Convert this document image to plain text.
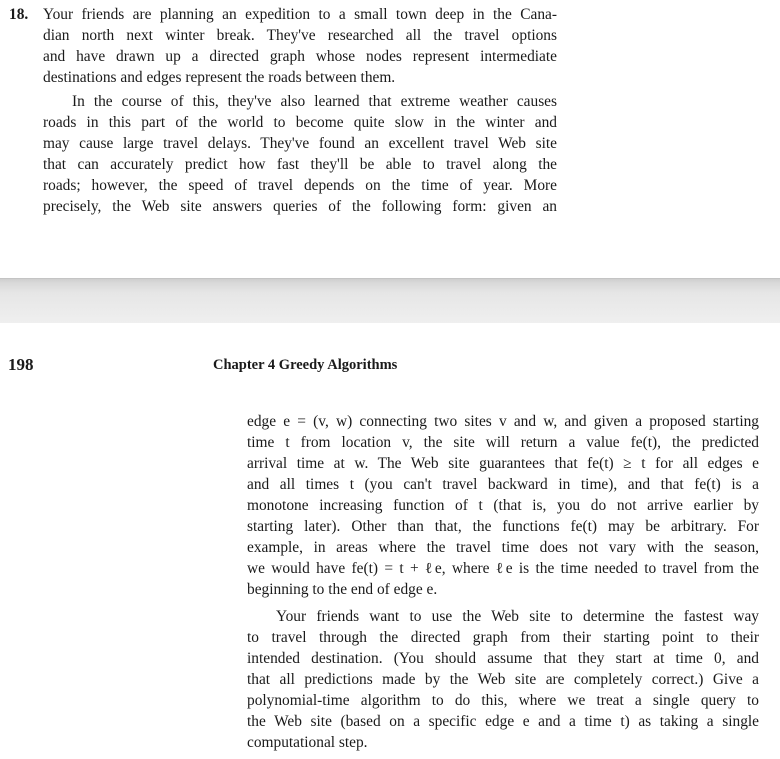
18. Your friends are planning an expedition to a small town deep in the Cana-
dian north next winter break. They've researched all the travel options
and have drawn up a directed graph whose nodes represent intermediate
destinations and edges represent the roads between them.
In the course of this, they've also learned that extreme weather causes
roads in this part of the world to become quite slow in the winter and
may cause large travel delays. They've found an excellent travel Web site
that can accurately predict how fast they'll be able to travel along the
roads; however, the speed of travel depends on the time of year. More
precisely, the Web site answers queries of the following form: given an
198	Chapter 4 Greedy Algorithms
edge e = (v, w) connecting two sites v and w, and given a proposed starting
time t from location v, the site will return a value fe(t), the predicted
arrival time at w. The Web site guarantees that fe(t) ≥ t for all edges e
and all times t (you can't travel backward in time), and that fe(t) is a
monotone increasing function of t (that is, you do not arrive earlier by
starting later). Other than that, the functions fe(t) may be arbitrary. For
example, in areas where the travel time does not vary with the season,
we would have fe(t) = t + ℓe, where ℓe is the time needed to travel from the
beginning to the end of edge e.
Your friends want to use the Web site to determine the fastest way
to travel through the directed graph from their starting point to their
intended destination. (You should assume that they start at time 0, and
that all predictions made by the Web site are completely correct.) Give a
polynomial-time algorithm to do this, where we treat a single query to
the Web site (based on a specific edge e and a time t) as taking a single
computational step.
